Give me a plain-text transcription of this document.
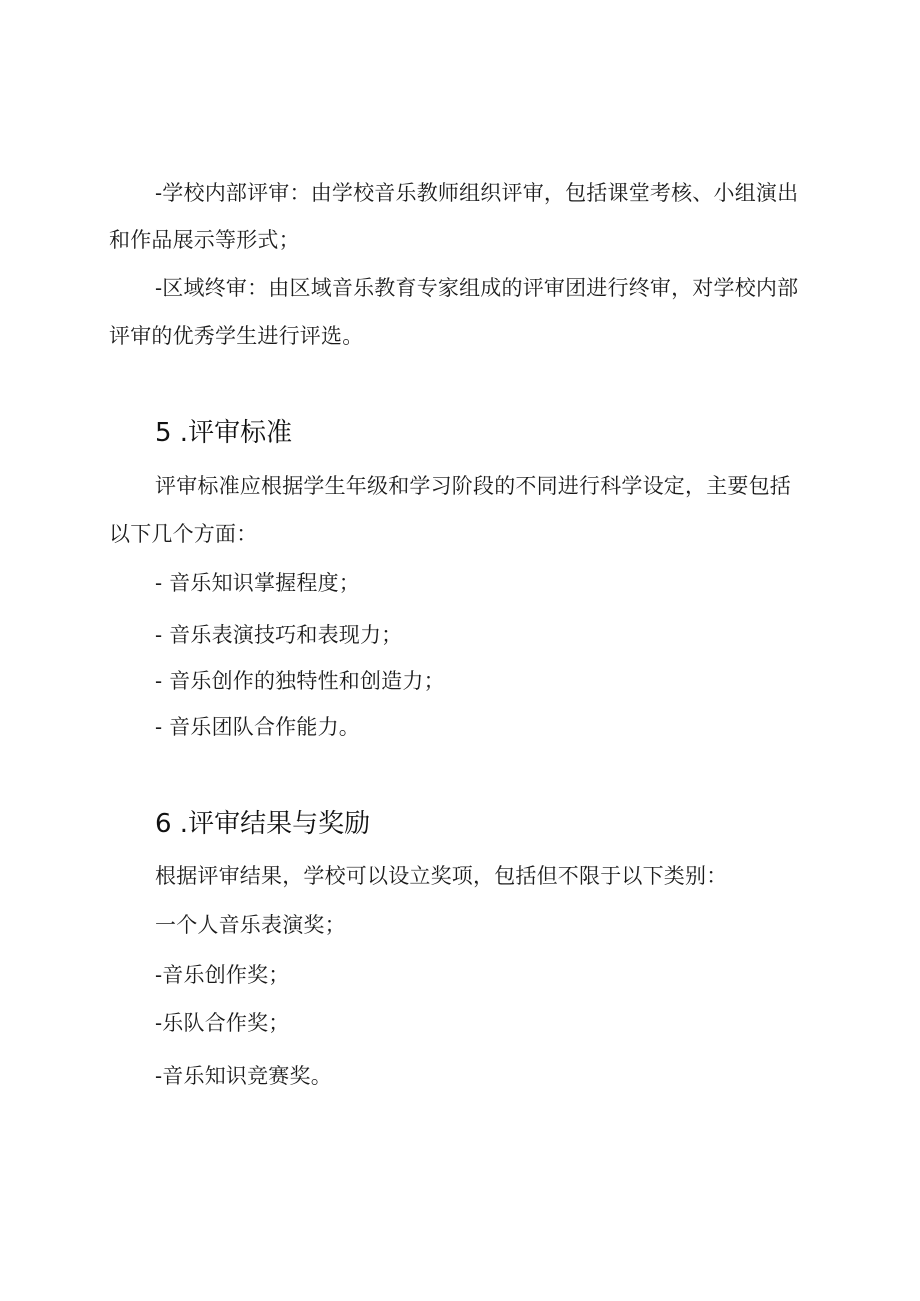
-学校内部评审：由学校音乐教师组织评审，包括课堂考核、小组演出
和作品展示等形式；
-区域终审：由区域音乐教育专家组成的评审团进行终审，对学校内部
评审的优秀学生进行评选。
5 .评审标准
评审标准应根据学生年级和学习阶段的不同进行科学设定，主要包括
以下几个方面：
- 音乐知识掌握程度；
- 音乐表演技巧和表现力；
- 音乐创作的独特性和创造力；
- 音乐团队合作能力。
6 .评审结果与奖励
根据评审结果，学校可以设立奖项，包括但不限于以下类别：
一个人音乐表演奖；
-音乐创作奖；
-乐队合作奖；
-音乐知识竞赛奖。
